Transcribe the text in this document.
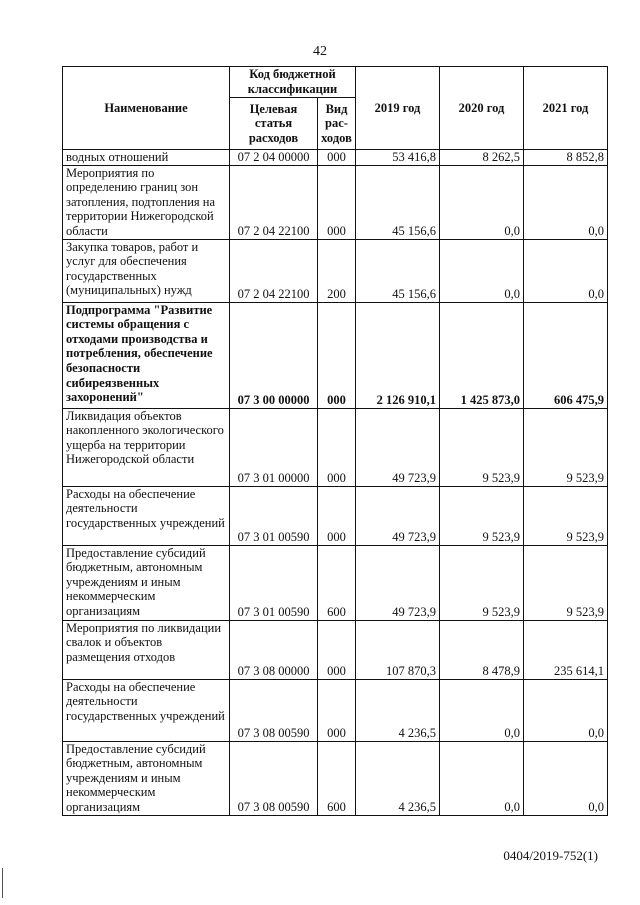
42
Наименование	Код бюджетной классификации		2019 год	2020 год	2021 год
	Целевая статья расходов	Вид рас-ходов			
водных отношений	07 2 04 00000	000	53 416,8	8 262,5	8 852,8
Мероприятия по определению границ зон затопления, подтопления на территории Нижегородской области	07 2 04 22100	000	45 156,6	0,0	0,0
Закупка товаров, работ и услуг для обеспечения государственных (муниципальных) нужд	07 2 04 22100	200	45 156,6	0,0	0,0
Подпрограмма "Развитие системы обращения с отходами производства и потребления, обеспечение безопасности сибиреязвенных захоронений"	07 3 00 00000	000	2 126 910,1	1 425 873,0	606 475,9
Ликвидация объектов накопленного экологического ущерба на территории Нижегородской области	07 3 01 00000	000	49 723,9	9 523,9	9 523,9
Расходы на обеспечение деятельности государственных учреждений	07 3 01 00590	000	49 723,9	9 523,9	9 523,9
Предоставление субсидий бюджетным, автономным учреждениям и иным некоммерческим организациям	07 3 01 00590	600	49 723,9	9 523,9	9 523,9
Мероприятия по ликвидации свалок и объектов размещения отходов	07 3 08 00000	000	107 870,3	8 478,9	235 614,1
Расходы на обеспечение деятельности государственных учреждений	07 3 08 00590	000	4 236,5	0,0	0,0
Предоставление субсидий бюджетным, автономным учреждениям и иным некоммерческим организациям	07 3 08 00590	600	4 236,5	0,0	0,0
0404/2019-752(1)
